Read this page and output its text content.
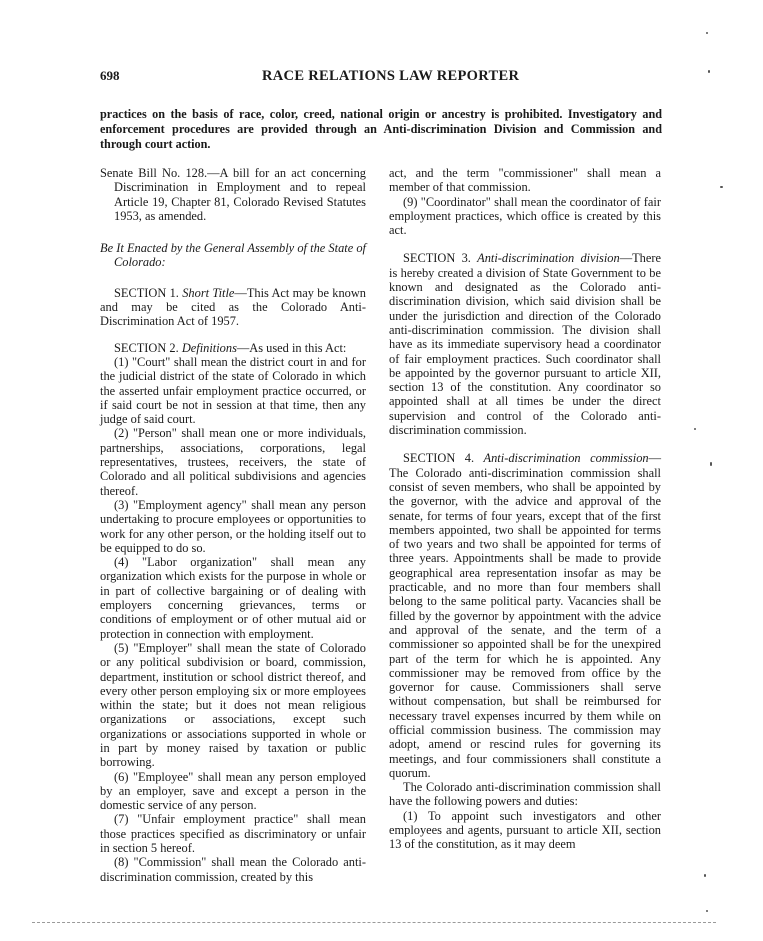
698	RACE RELATIONS LAW REPORTER
practices on the basis of race, color, creed, national origin or ancestry is prohibited. Investigatory and enforcement procedures are provided through an Anti-discrimination Division and Commission and through court action.

Senate Bill No. 128.—A bill for an act concerning Discrimination in Employment and to repeal Article 19, Chapter 81, Colorado Revised Statutes 1953, as amended.

Be It Enacted by the General Assembly of the State of Colorado:

SECTION 1. Short Title—This Act may be known and may be cited as the Colorado Anti-Discrimination Act of 1957.

SECTION 2. Definitions—As used in this Act:

(1) "Court" shall mean the district court in and for the judicial district of the state of Colorado in which the asserted unfair employment practice occurred, or if said court be not in session at that time, then any judge of said court.

(2) "Person" shall mean one or more individuals, partnerships, associations, corporations, legal representatives, trustees, receivers, the state of Colorado and all political subdivisions and agencies thereof.

(3) "Employment agency" shall mean any person undertaking to procure employees or opportunities to work for any other person, or the holding itself out to be equipped to do so.

(4) "Labor organization" shall mean any organization which exists for the purpose in whole or in part of collective bargaining or of dealing with employers concerning grievances, terms or conditions of employment or of other mutual aid or protection in connection with employment.

(5) "Employer" shall mean the state of Colorado or any political subdivision or board, commission, department, institution or school district thereof, and every other person employing six or more employees within the state; but it does not mean religious organizations or associations, except such organizations or associations supported in whole or in part by money raised by taxation or public borrowing.

(6) "Employee" shall mean any person employed by an employer, save and except a person in the domestic service of any person.

(7) "Unfair employment practice" shall mean those practices specified as discriminatory or unfair in section 5 hereof.

(8) "Commission" shall mean the Colorado anti-discrimination commission, created by this

act, and the term "commissioner" shall mean a member of that commission.

(9) "Coordinator" shall mean the coordinator of fair employment practices, which office is created by this act.

SECTION 3. Anti-discrimination division—There is hereby created a division of State Government to be known and designated as the Colorado anti-discrimination division, which said division shall be under the jurisdiction and direction of the Colorado anti-discrimination commission. The division shall have as its immediate supervisory head a coordinator of fair employment practices. Such coordinator shall be appointed by the governor pursuant to article XII, section 13 of the constitution. Any coordinator so appointed shall at all times be under the direct supervision and control of the Colorado anti-discrimination commission.

SECTION 4. Anti-discrimination commission—The Colorado anti-discrimination commission shall consist of seven members, who shall be appointed by the governor, with the advice and approval of the senate, for terms of four years, except that of the first members appointed, two shall be appointed for terms of two years and two shall be appointed for terms of three years. Appointments shall be made to provide geographical area representation insofar as may be practicable, and no more than four members shall belong to the same political party. Vacancies shall be filled by the governor by appointment with the advice and approval of the senate, and the term of a commissioner so appointed shall be for the unexpired part of the term for which he is appointed. Any commissioner may be removed from office by the governor for cause. Commissioners shall serve without compensation, but shall be reimbursed for necessary travel expenses incurred by them while on official commission business. The commission may adopt, amend or rescind rules for governing its meetings, and four commissioners shall constitute a quorum.

The Colorado anti-discrimination commission shall have the following powers and duties:

(1) To appoint such investigators and other employees and agents, pursuant to article XII, section 13 of the constitution, as it may deem
